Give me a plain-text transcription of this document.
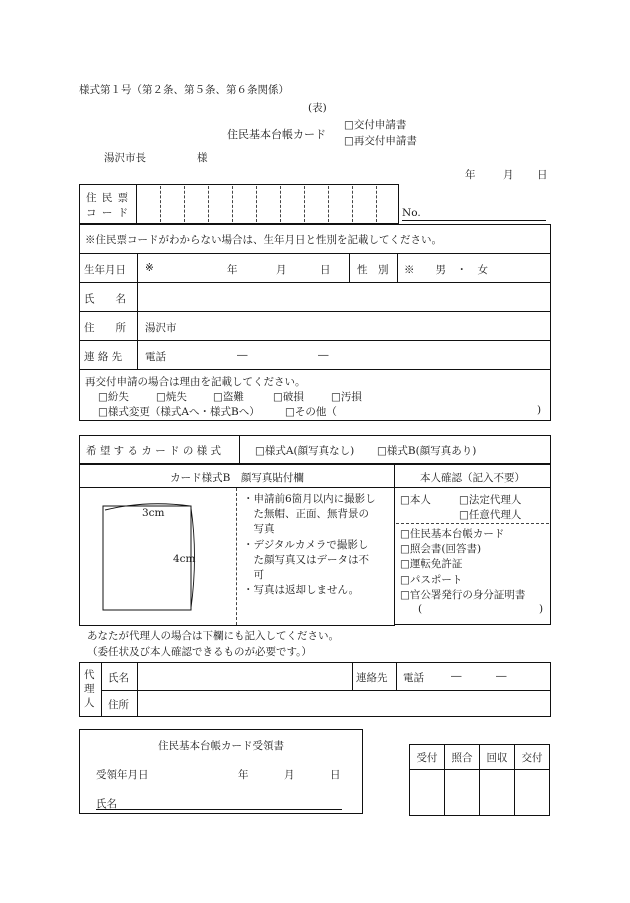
様式第１号（第２条、第５条、第６条関係）
(表)
住民基本台帳カード
□交付申請書
□再交付申請書
湯沢市長	様
年	月 日
住 民 票
コ ー ド	No.
※住民票コードがわからない場合は、生年月日と性別を記載してください。
生年月日 ※	年	月	日	性　別 ※　　男　・　女
氏　　名
住　　所 湯沢市
連 絡 先 電話	―	―
再交付申請の場合は理由を記載してください。
□紛失	□焼失 □盗難	□破損	□汚損
□様式変更（様式Aへ・様式Bへ） □その他（	)
希 望 す る カ ー ド の 様 式	□様式A(顔写真なし) □様式B(顔写真あり)
カード様式B　顔写真貼付欄
3cm
4cm
・申請前6箇月以内に撮影し
　た無帽、正面、無背景の
　写真
・デジタルカメラで撮影し
　た顔写真又はデータは不
　可
・写真は返却しません。
本人確認（記入不要）
□本人	□法定代理人
□任意代理人
□住民基本台帳カード
□照会書(回答書)
□運転免許証
□パスポート
□官公署発行の身分証明書
(	)
あなたが代理人の場合は下欄にも記入してください。
（委任状及び本人確認できるものが必要です。）
代
理
人
氏名	連絡先 電話	―	―
住所
住民基本台帳カード受領書
受領年月日	年	月	日
氏名
受付	照合	回収	交付
